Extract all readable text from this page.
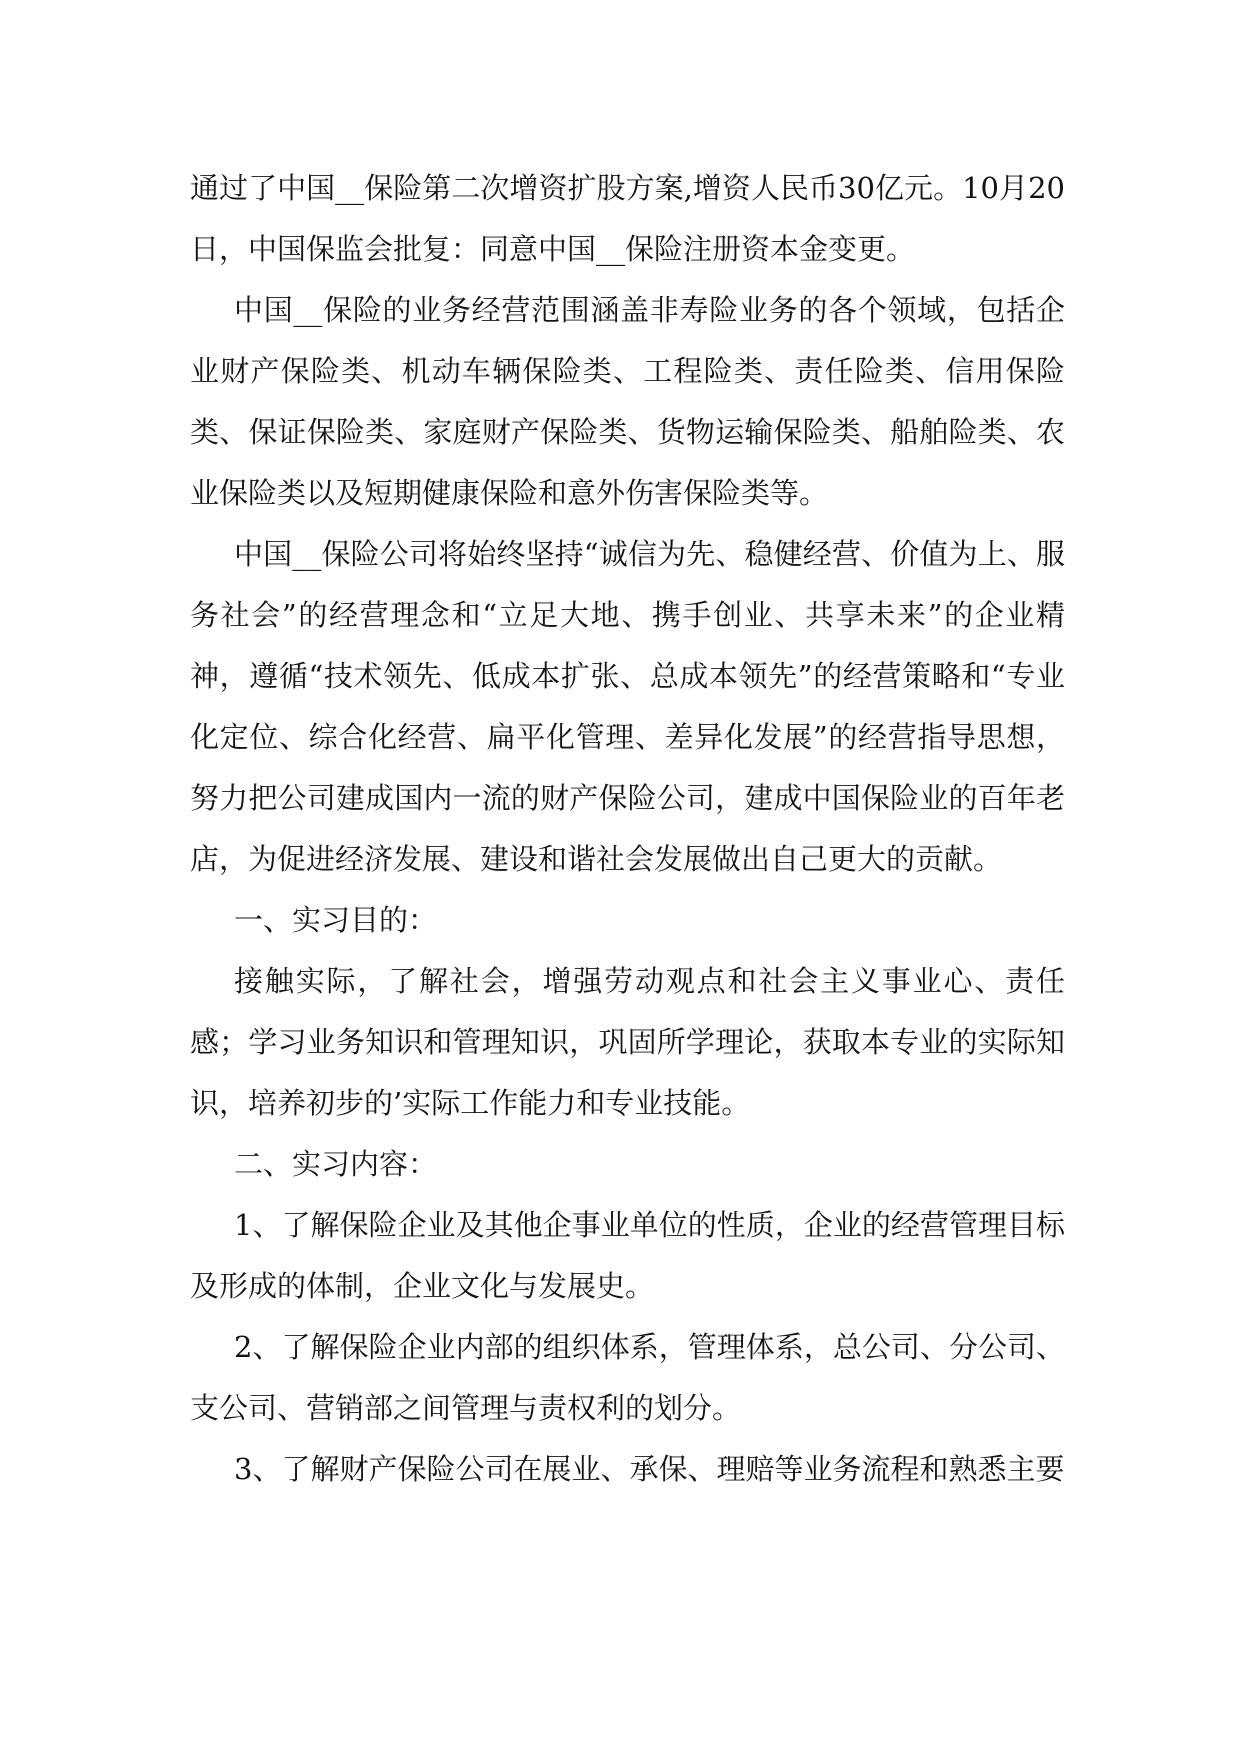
通过了中国__保险第二次增资扩股方案,增资人民币30亿元。10月20日，中国保监会批复：同意中国__保险注册资本金变更。

中国__保险的业务经营范围涵盖非寿险业务的各个领域，包括企业财产保险类、机动车辆保险类、工程险类、责任险类、信用保险类、保证保险类、家庭财产保险类、货物运输保险类、船舶险类、农业保险类以及短期健康保险和意外伤害保险类等。

中国__保险公司将始终坚持“诚信为先、稳健经营、价值为上、服务社会”的经营理念和“立足大地、携手创业、共享未来”的企业精神，遵循“技术领先、低成本扩张、总成本领先”的经营策略和“专业化定位、综合化经营、扁平化管理、差异化发展”的经营指导思想，努力把公司建成国内一流的财产保险公司，建成中国保险业的百年老店，为促进经济发展、建设和谐社会发展做出自己更大的贡献。

一、实习目的：

接触实际，了解社会，增强劳动观点和社会主义事业心、责任感；学习业务知识和管理知识，巩固所学理论，获取本专业的实际知识，培养初步的’实际工作能力和专业技能。

二、实习内容：

1、了解保险企业及其他企事业单位的性质，企业的经营管理目标及形成的体制，企业文化与发展史。

2、了解保险企业内部的组织体系，管理体系，总公司、分公司、支公司、营销部之间管理与责权利的划分。

3、了解财产保险公司在展业、承保、理赔等业务流程和熟悉主要
